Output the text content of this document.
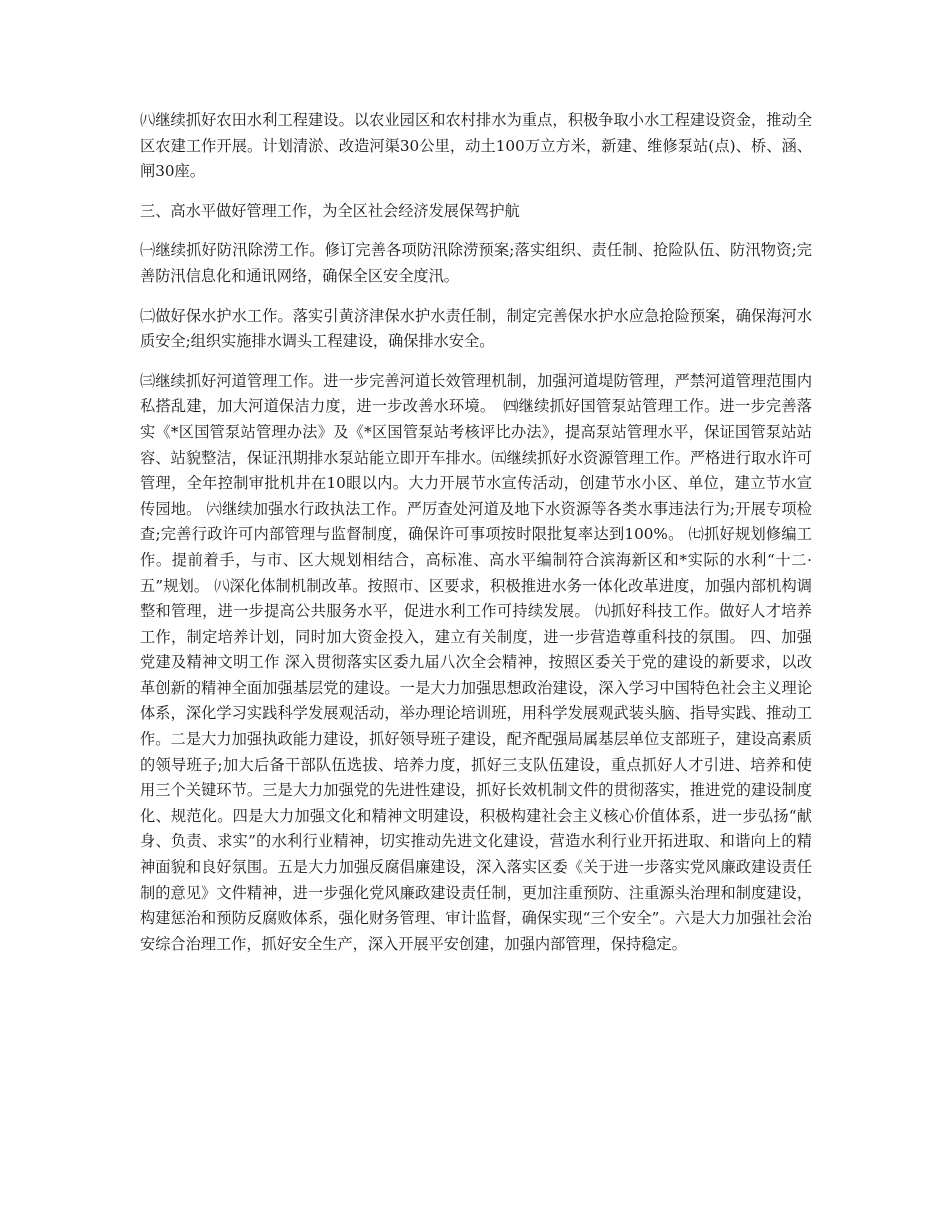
㈧继续抓好农田水利工程建设。以农业园区和农村排水为重点，积极争取小水工程建设资金，推动全区农建工作开展。计划清淤、改造河渠30公里，动土100万立方米，新建、维修泵站(点)、桥、涵、闸30座。

三、高水平做好管理工作，为全区社会经济发展保驾护航

㈠继续抓好防汛除涝工作。修订完善各项防汛除涝预案;落实组织、责任制、抢险队伍、防汛物资;完善防汛信息化和通讯网络，确保全区安全度汛。

㈡做好保水护水工作。落实引黄济津保水护水责任制，制定完善保水护水应急抢险预案，确保海河水质安全;组织实施排水调头工程建设，确保排水安全。

㈢继续抓好河道管理工作。进一步完善河道长效管理机制，加强河道堤防管理，严禁河道管理范围内私搭乱建，加大河道保洁力度，进一步改善水环境。　㈣继续抓好国管泵站管理工作。进一步完善落实《*区国管泵站管理办法》及《*区国管泵站考核评比办法》，提高泵站管理水平，保证国管泵站站容、站貌整洁，保证汛期排水泵站能立即开车排水。㈤继续抓好水资源管理工作。严格进行取水许可管理，全年控制审批机井在10眼以内。大力开展节水宣传活动，创建节水小区、单位，建立节水宣传园地。 ㈥继续加强水行政执法工作。严厉查处河道及地下水资源等各类水事违法行为;开展专项检查;完善行政许可内部管理与监督制度，确保许可事项按时限批复率达到100%。 ㈦抓好规划修编工作。提前着手，与市、区大规划相结合，高标准、高水平编制符合滨海新区和*实际的水利“十二·五”规划。 ㈧深化体制机制改革。按照市、区要求，积极推进水务一体化改革进度，加强内部机构调整和管理，进一步提高公共服务水平，促进水利工作可持续发展。 ㈨抓好科技工作。做好人才培养工作，制定培养计划，同时加大资金投入，建立有关制度，进一步营造尊重科技的氛围。 四、加强党建及精神文明工作 深入贯彻落实区委九届八次全会精神，按照区委关于党的建设的新要求，以改革创新的精神全面加强基层党的建设。一是大力加强思想政治建设，深入学习中国特色社会主义理论体系，深化学习实践科学发展观活动，举办理论培训班，用科学发展观武装头脑、指导实践、推动工作。二是大力加强执政能力建设，抓好领导班子建设，配齐配强局属基层单位支部班子，建设高素质的领导班子;加大后备干部队伍选拔、培养力度，抓好三支队伍建设，重点抓好人才引进、培养和使用三个关键环节。三是大力加强党的先进性建设，抓好长效机制文件的贯彻落实，推进党的建设制度化、规范化。四是大力加强文化和精神文明建设，积极构建社会主义核心价值体系，进一步弘扬“献身、负责、求实”的水利行业精神，切实推动先进文化建设，营造水利行业开拓进取、和谐向上的精神面貌和良好氛围。五是大力加强反腐倡廉建设，深入落实区委《关于进一步落实党风廉政建设责任制的意见》文件精神，进一步强化党风廉政建设责任制，更加注重预防、注重源头治理和制度建设，构建惩治和预防反腐败体系，强化财务管理、审计监督，确保实现“三个安全”。六是大力加强社会治安综合治理工作，抓好安全生产，深入开展平安创建，加强内部管理，保持稳定。
